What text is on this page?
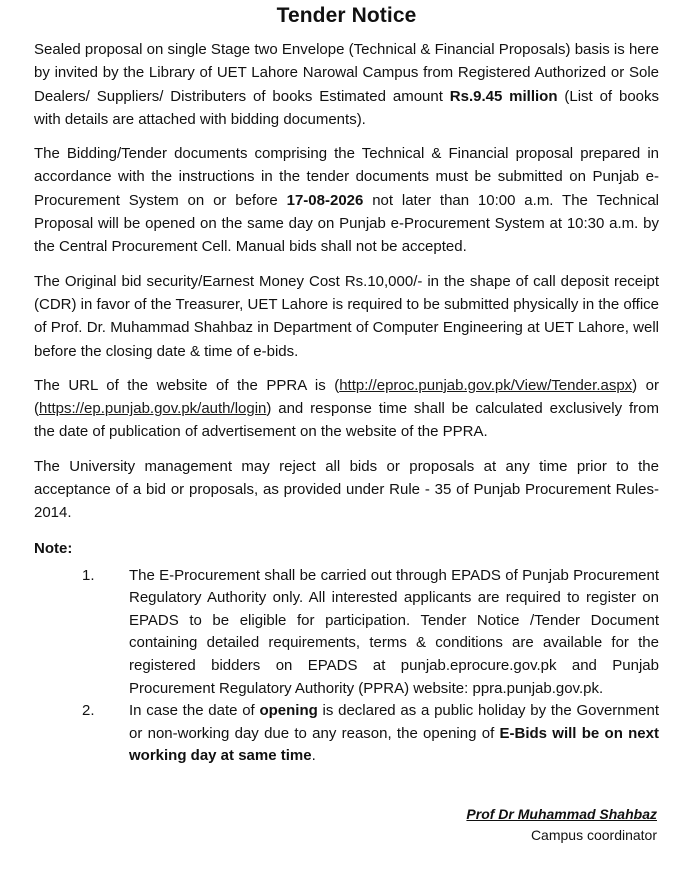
Tender Notice

Sealed proposal on single Stage two Envelope (Technical & Financial Proposals) basis is here by invited by the Library of UET Lahore Narowal Campus from Registered Authorized or Sole Dealers/ Suppliers/ Distributers of books Estimated amount Rs.9.45 million (List of books with details are attached with bidding documents).

The Bidding/Tender documents comprising the Technical & Financial proposal prepared in accordance with the instructions in the tender documents must be submitted on Punjab e-Procurement System on or before 17-08-2026 not later than 10:00 a.m. The Technical Proposal will be opened on the same day on Punjab e-Procurement System at 10:30 a.m. by the Central Procurement Cell. Manual bids shall not be accepted.

The Original bid security/Earnest Money Cost Rs.10,000/- in the shape of call deposit receipt (CDR) in favor of the Treasurer, UET Lahore is required to be submitted physically in the office of Prof. Dr. Muhammad Shahbaz in Department of Computer Engineering at UET Lahore, well before the closing date & time of e-bids.

The URL of the website of the PPRA is (http://eproc.punjab.gov.pk/View/Tender.aspx) or (https://ep.punjab.gov.pk/auth/login) and response time shall be calculated exclusively from the date of publication of advertisement on the website of the PPRA.

The University management may reject all bids or proposals at any time prior to the acceptance of a bid or proposals, as provided under Rule - 35 of Punjab Procurement Rules-2014.

Note:
1.	The E-Procurement shall be carried out through EPADS of Punjab Procurement Regulatory Authority only. All interested applicants are required to register on EPADS to be eligible for participation. Tender Notice /Tender Document containing detailed requirements, terms & conditions are available for the registered bidders on EPADS at punjab.eprocure.gov.pk and Punjab Procurement Regulatory Authority (PPRA) website: ppra.punjab.gov.pk.
2.	In case the date of opening is declared as a public holiday by the Government or non-working day due to any reason, the opening of E-Bids will be on next working day at same time.
Prof Dr Muhammad Shahbaz
Campus coordinator
